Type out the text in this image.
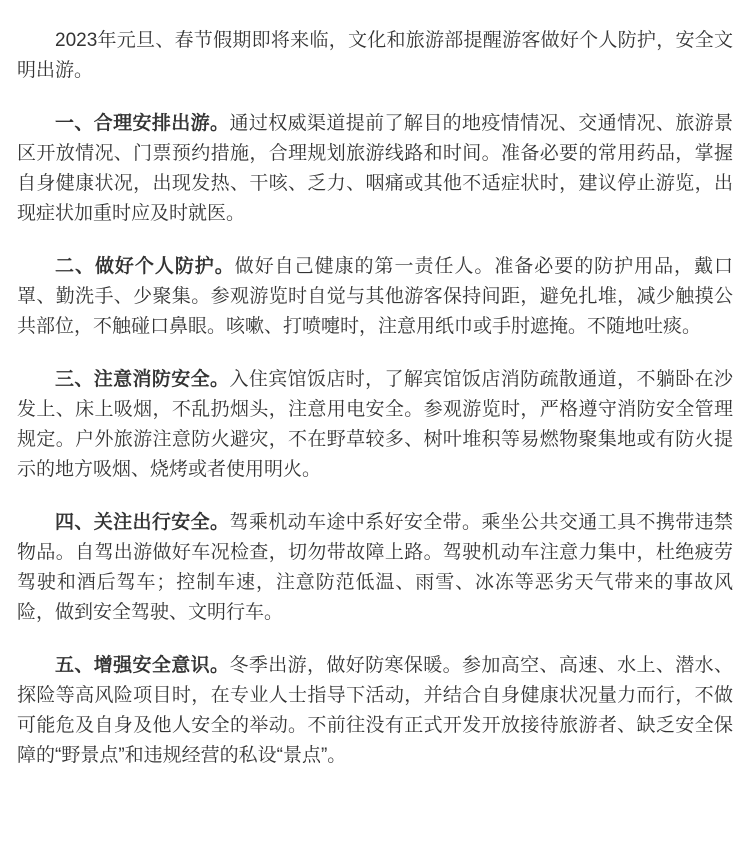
2023年元旦、春节假期即将来临，文化和旅游部提醒游客做好个人防护，安全文明出游。

一、合理安排出游。通过权威渠道提前了解目的地疫情情况、交通情况、旅游景区开放情况、门票预约措施，合理规划旅游线路和时间。准备必要的常用药品，掌握自身健康状况，出现发热、干咳、乏力、咽痛或其他不适症状时，建议停止游览，出现症状加重时应及时就医。

二、做好个人防护。做好自己健康的第一责任人。准备必要的防护用品，戴口罩、勤洗手、少聚集。参观游览时自觉与其他游客保持间距，避免扎堆，减少触摸公共部位，不触碰口鼻眼。咳嗽、打喷嚏时，注意用纸巾或手肘遮掩。不随地吐痰。

三、注意消防安全。入住宾馆饭店时，了解宾馆饭店消防疏散通道，不躺卧在沙发上、床上吸烟，不乱扔烟头，注意用电安全。参观游览时，严格遵守消防安全管理规定。户外旅游注意防火避灾，不在野草较多、树叶堆积等易燃物聚集地或有防火提示的地方吸烟、烧烤或者使用明火。

四、关注出行安全。驾乘机动车途中系好安全带。乘坐公共交通工具不携带违禁物品。自驾出游做好车况检查，切勿带故障上路。驾驶机动车注意力集中，杜绝疲劳驾驶和酒后驾车；控制车速，注意防范低温、雨雪、冰冻等恶劣天气带来的事故风险，做到安全驾驶、文明行车。

五、增强安全意识。冬季出游，做好防寒保暖。参加高空、高速、水上、潜水、探险等高风险项目时，在专业人士指导下活动，并结合自身健康状况量力而行，不做可能危及自身及他人安全的举动。不前往没有正式开发开放接待旅游者、缺乏安全保障的“野景点”和违规经营的私设“景点”。
